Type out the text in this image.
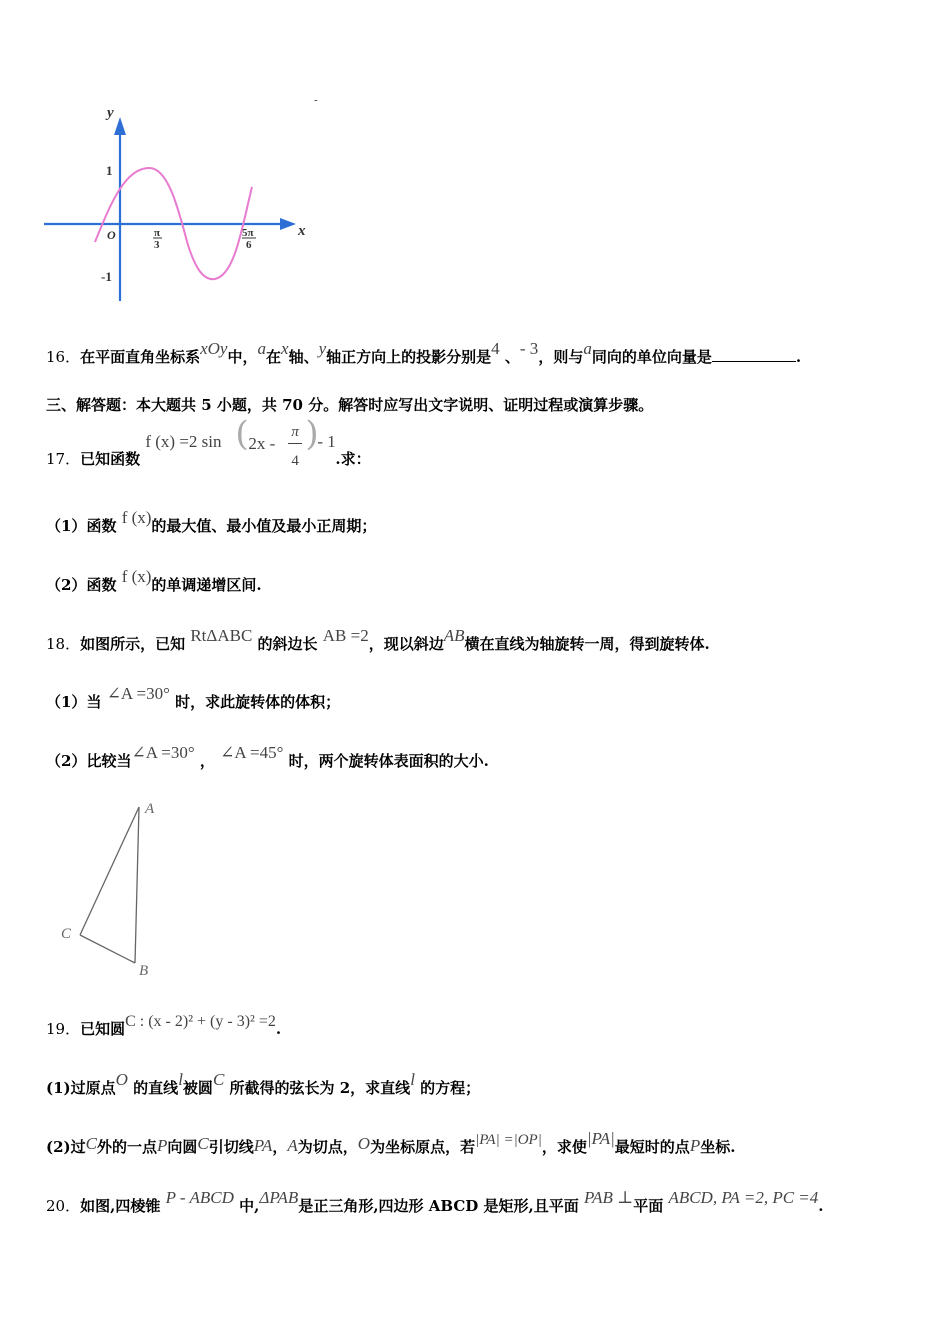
y
x
O
1
-1
π
3
5π
6
-
16．在平面直角坐标系xOy中，a在x轴、y轴正方向上的投影分别是4 、- 3，则与a同向的单位向量是	.
三、解答题：本大题共 5 小题，共 70 分。解答时应写出文字说明、证明过程或演算步骤。
17．已知函数
f (x) =2 sin ( 2x -
π
4
)
- 1
.求：
（1）函数 f (x)的最大值、最小值及最小正周期；
（2）函数 f (x)的单调递增区间.
18．如图所示，已知 RtΔABC 的斜边长 AB =2，现以斜边AB横在直线为轴旋转一周，得到旋转体.
（1）当 ∠A =30° 时，求此旋转体的体积；
（2）比较当∠A =30° ， ∠A =45° 时，两个旋转体表面积的大小.
A
B
C
19．已知圆C : (x - 2)² + (y - 3)² =2.
(1)过原点O 的直线l被圆C 所截得的弦长为 2，求直线l 的方程；
(2)过C外的一点P向圆C引切线PA，A为切点，O为坐标原点，若|PA| =|OP|，求使|PA|最短时的点P坐标.
20．如图,四棱锥 P - ABCD 中,ΔPAB是正三角形,四边形 ABCD 是矩形,且平面 PAB ⊥平面 ABCD, PA =2, PC =4.
